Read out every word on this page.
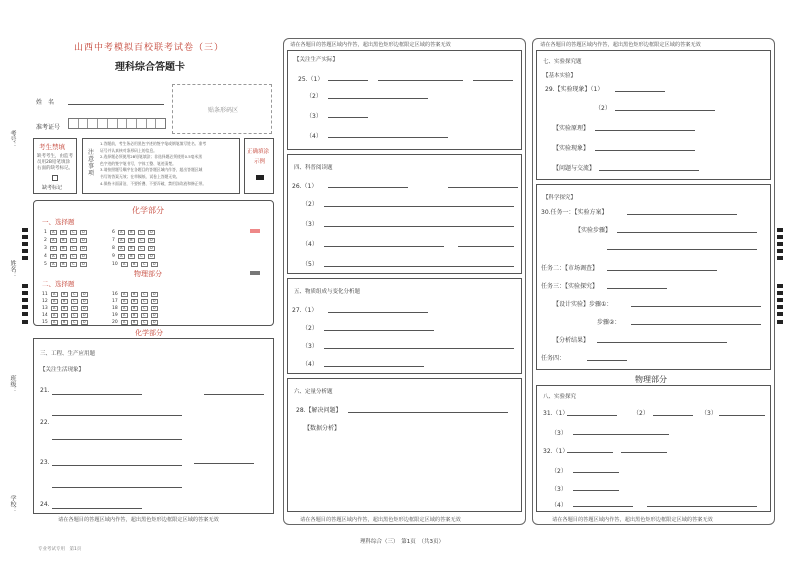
考号：
姓名：
班级：
学校：
山西中考模拟百校联考试卷（三）
理科综合答题卡
姓　名
准考证号
贴条形码区
考生禁填
缺考考生，由监考员用2B铅笔填涂右面的缺考标记。
缺考标记
注意事项
1.答题前，考生务必用黑色字迹的签字笔或钢笔填写姓名、准考
证号并认真核对条形码上的信息。
2.选择题必须使用2B铅笔填涂；非选择题必须使用0.5毫米黑
色字迹的签字笔书写，字体工整、笔迹清楚。
3.请按照题号顺序在各题目的答题区域内作答，超出答题区域
书写的答案无效；在草稿纸、试卷上答题无效。
4.保持卡面清洁，不要折叠、不要弄破，禁用涂改液和修正带。
正确填涂
示例
化学部分
一、选择题
1 A B C D
2 A B C D
3 A B C D
4 A B C D
5 A B C D
6 A B C D
7 A B C D
8 A B C D
9 A B C D
10 A B C D
物理部分
二、选择题
11 A B C D
12 A B C D
13 A B C D
14 A B C D
15 A B C D
16 A B C D
17 A B C D
18 A B C D
19 A B C D
20 A B C D
化学部分
三、工程、生产应用题
【关注生活现象】
21.
22.
23.
24.
请在各题目的答题区域内作答，超出黑色矩形边框限定区域的答案无效
请在各题目的答题区域内作答，超出黑色矩形边框限定区域的答案无效
【关注生产实际】
25.（1）
（2）
（3）
（4）
四、科普阅读题
26.（1）
（2）
（3）
（4）
（5）
五、物质组成与变化分析题
27.（1）
（2）
（3）
（4）
六、定量分析题
28.【解决问题】
【数据分析】
请在各题目的答题区域内作答，超出黑色矩形边框限定区域的答案无效
请在各题目的答题区域内作答，超出黑色矩形边框限定区域的答案无效
七、实验探究题
【基本实验】
29.【实验现象】（1）
（2）
【实验原理】
【实验现象】
【问题与交流】
【科学探究】
30.任务一：【实验方案】
【实验步骤】
任务二：【市场调查】
任务三：【实验探究】
【设计实验】步骤①：
步骤②：
【分析结果】
任务四：
物理部分
八、实验探究
31.（1）	（2）	（3）
（3）
32.（1）
（2）
（3）
（4）
请在各题目的答题区域内作答，超出黑色矩形边框限定区域的答案无效
理科综合（三）　第1页　（共3页）
专业考试专用　第1页
